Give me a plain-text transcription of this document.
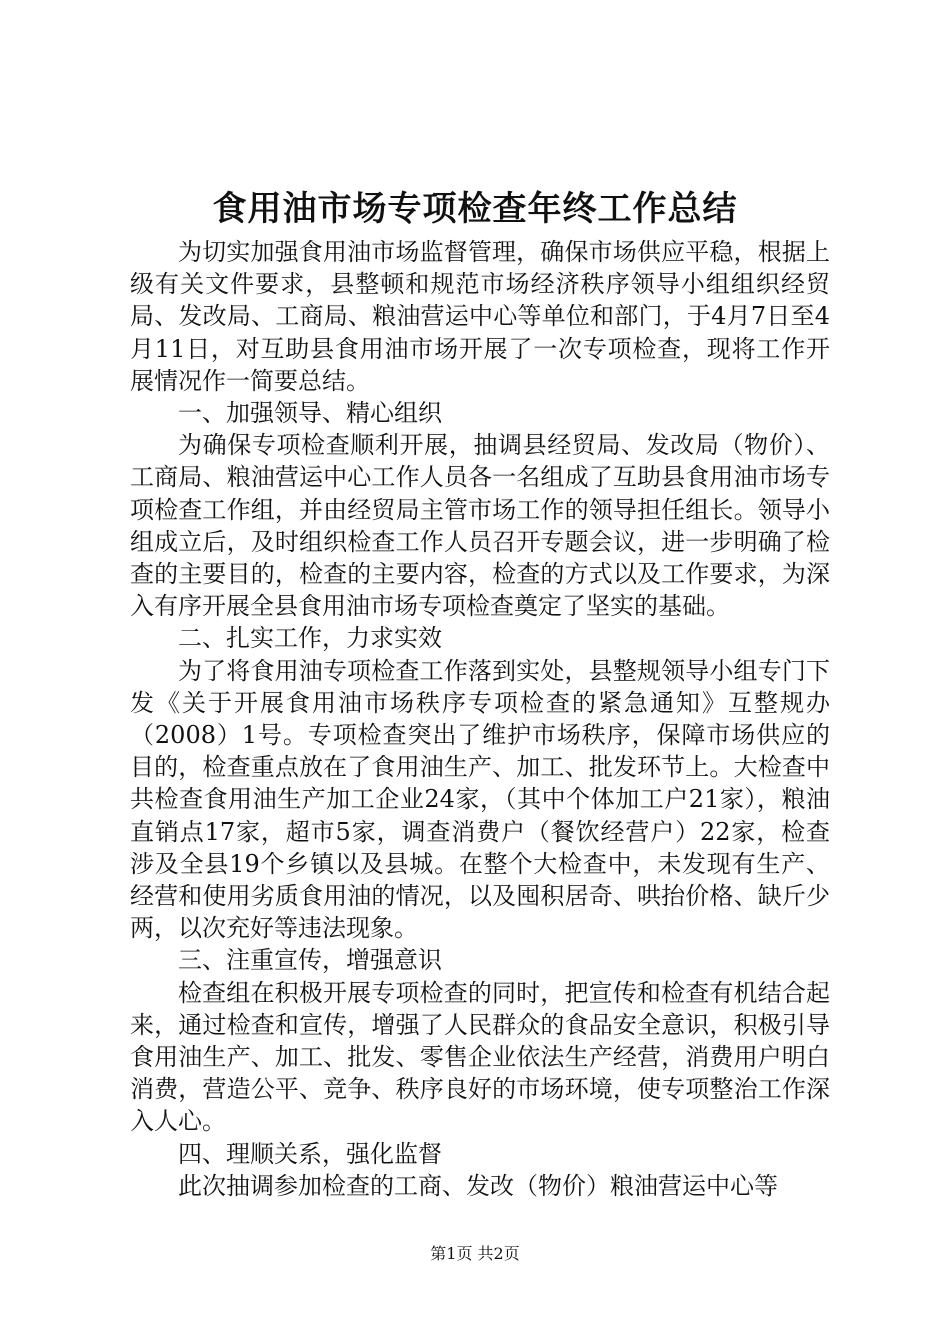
食用油市场专项检查年终工作总结

为切实加强食用油市场监督管理，确保市场供应平稳，根据上级有关文件要求，县整顿和规范市场经济秩序领导小组组织经贸局、发改局、工商局、粮油营运中心等单位和部门，于4月7日至4月11日，对互助县食用油市场开展了一次专项检查，现将工作开展情况作一简要总结。

一、加强领导、精心组织

为确保专项检查顺利开展，抽调县经贸局、发改局（物价）、工商局、粮油营运中心工作人员各一名组成了互助县食用油市场专项检查工作组，并由经贸局主管市场工作的领导担任组长。领导小组成立后，及时组织检查工作人员召开专题会议，进一步明确了检查的主要目的，检查的主要内容，检查的方式以及工作要求，为深入有序开展全县食用油市场专项检查奠定了坚实的基础。

二、扎实工作，力求实效

为了将食用油专项检查工作落到实处，县整规领导小组专门下发《关于开展食用油市场秩序专项检查的紧急通知》互整规办（2008）1号。专项检查突出了维护市场秩序，保障市场供应的目的，检查重点放在了食用油生产、加工、批发环节上。大检查中共检查食用油生产加工企业24家，（其中个体加工户21家），粮油直销点17家，超市5家，调查消费户（餐饮经营户）22家，检查涉及全县19个乡镇以及县城。在整个大检查中，未发现有生产、经营和使用劣质食用油的情况，以及囤积居奇、哄抬价格、缺斤少两，以次充好等违法现象。

三、注重宣传，增强意识

检查组在积极开展专项检查的同时，把宣传和检查有机结合起来，通过检查和宣传，增强了人民群众的食品安全意识，积极引导食用油生产、加工、批发、零售企业依法生产经营，消费用户明白消费，营造公平、竞争、秩序良好的市场环境，使专项整治工作深入人心。

四、理顺关系，强化监督

此次抽调参加检查的工商、发改（物价）粮油营运中心等

第1页 共2页
